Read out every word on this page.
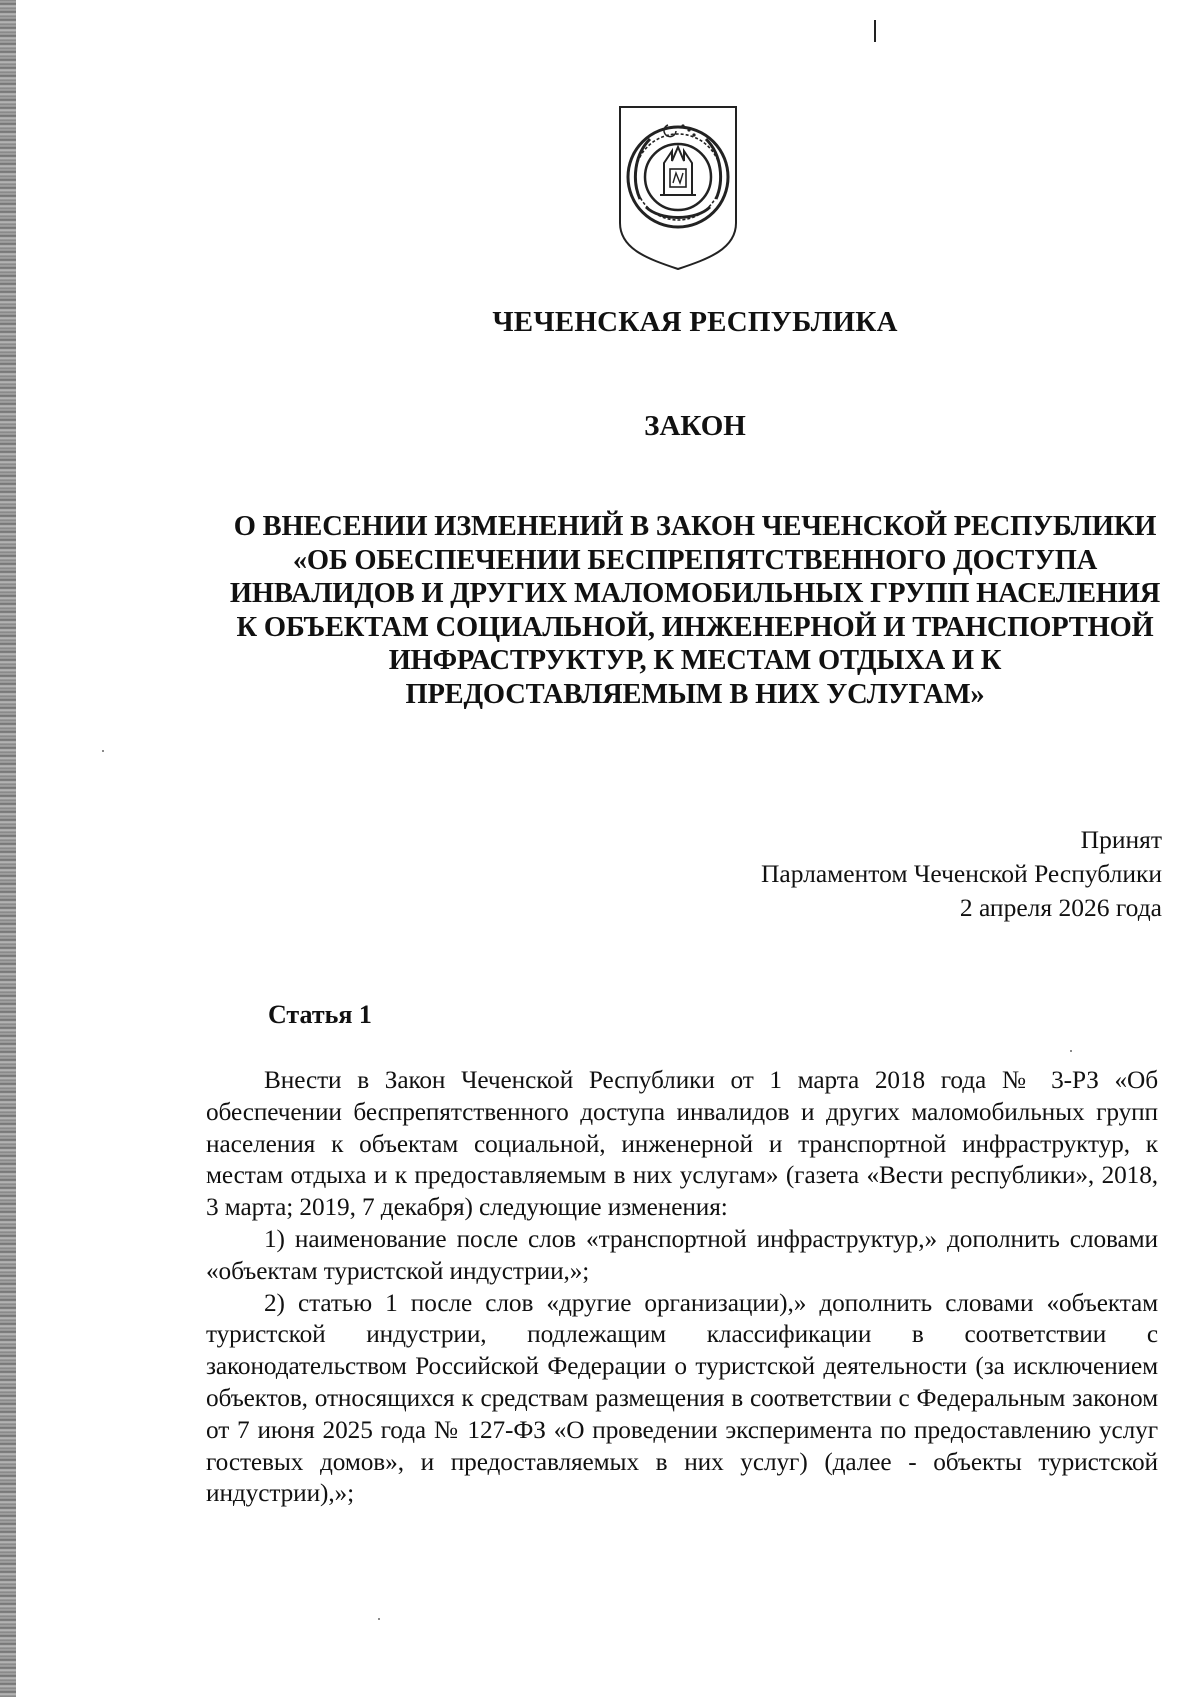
ЧЕЧЕНСКАЯ РЕСПУБЛИКА
ЗАКОН
О ВНЕСЕНИИ ИЗМЕНЕНИЙ В ЗАКОН ЧЕЧЕНСКОЙ РЕСПУБЛИКИ
«ОБ ОБЕСПЕЧЕНИИ БЕСПРЕПЯТСТВЕННОГО ДОСТУПА
ИНВАЛИДОВ И ДРУГИХ МАЛОМОБИЛЬНЫХ ГРУПП НАСЕЛЕНИЯ
К ОБЪЕКТАМ СОЦИАЛЬНОЙ, ИНЖЕНЕРНОЙ И ТРАНСПОРТНОЙ
ИНФРАСТРУКТУР, К МЕСТАМ ОТДЫХА И К
ПРЕДОСТАВЛЯЕМЫМ В НИХ УСЛУГАМ»
Принят
Парламентом Чеченской Республики
2 апреля 2026 года
Статья 1

Внести в Закон Чеченской Республики от 1 марта 2018 года № 3-РЗ «Об обеспечении беспрепятственного доступа инвалидов и других маломобильных групп населения к объектам социальной, инженерной и транспортной инфраструктур, к местам отдыха и к предоставляемым в них услугам» (газета «Вести республики», 2018, 3 марта; 2019, 7 декабря) следующие изменения:

1) наименование после слов «транспортной инфраструктур,» дополнить словами «объектам туристской индустрии,»;

2) статью 1 после слов «другие организации),» дополнить словами «объектам туристской индустрии, подлежащим классификации в соответствии с законодательством Российской Федерации о туристской деятельности (за исключением объектов, относящихся к средствам размещения в соответствии с Федеральным законом от 7 июня 2025 года № 127-ФЗ «О проведении эксперимента по предоставлению услуг гостевых домов», и предоставляемых в них услуг) (далее - объекты туристской индустрии),»;
